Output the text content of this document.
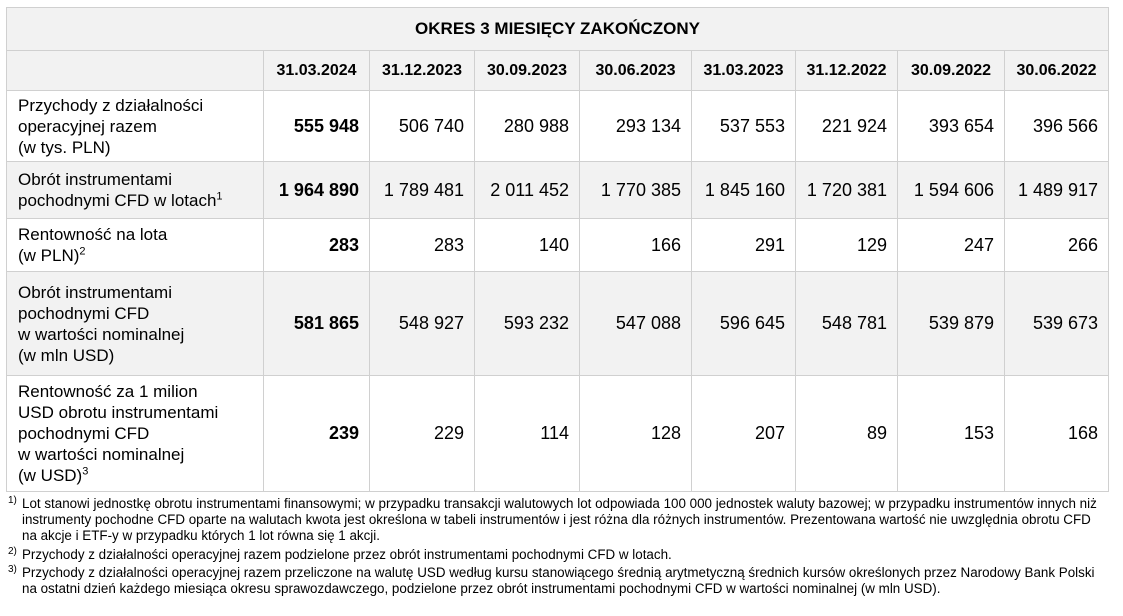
OKRES 3 MIESIĘCY ZAKOŃCZONY								
	31.03.2024	31.12.2023	30.09.2023	30.06.2023	31.03.2023	31.12.2022	30.09.2022	30.06.2022
Przychody z działalności
operacyjnej razem
(w tys. PLN)	555 948	506 740	280 988	293 134	537 553	221 924	393 654	396 566
Obrót instrumentami
pochodnymi CFD w lotach$^1$	1 964 890	1 789 481	2 011 452	1 770 385	1 845 160	1 720 381	1 594 606	1 489 917
Rentowność na lota
(w PLN)$^2$	283	283	140	166	291	129	247	266
Obrót instrumentami
pochodnymi CFD
w wartości nominalnej
(w mln USD)	581 865	548 927	593 232	547 088	596 645	548 781	539 879	539 673
Rentowność za 1 milion
USD obrotu instrumentami
pochodnymi CFD
w wartości nominalnej
(w USD)$^3$	239	229	114	128	207	89	153	168
1) Lot stanowi jednostkę obrotu instrumentami finansowymi; w przypadku transakcji walutowych lot odpowiada 100 000 jednostek waluty bazowej; w przypadku instrumentów innych niż instrumenty pochodne CFD oparte na walutach kwota jest określona w tabeli instrumentów i jest różna dla różnych instrumentów. Prezentowana wartość nie uwzględnia obrotu CFD na akcje i ETF-y w przypadku których 1 lot równa się 1 akcji.
2) Przychody z działalności operacyjnej razem podzielone przez obrót instrumentami pochodnymi CFD w lotach.
3) Przychody z działalności operacyjnej razem przeliczone na walutę USD według kursu stanowiącego średnią arytmetyczną średnich kursów określonych przez Narodowy Bank Polski na ostatni dzień każdego miesiąca okresu sprawozdawczego, podzielone przez obrót instrumentami pochodnymi CFD w wartości nominalnej (w mln USD).
